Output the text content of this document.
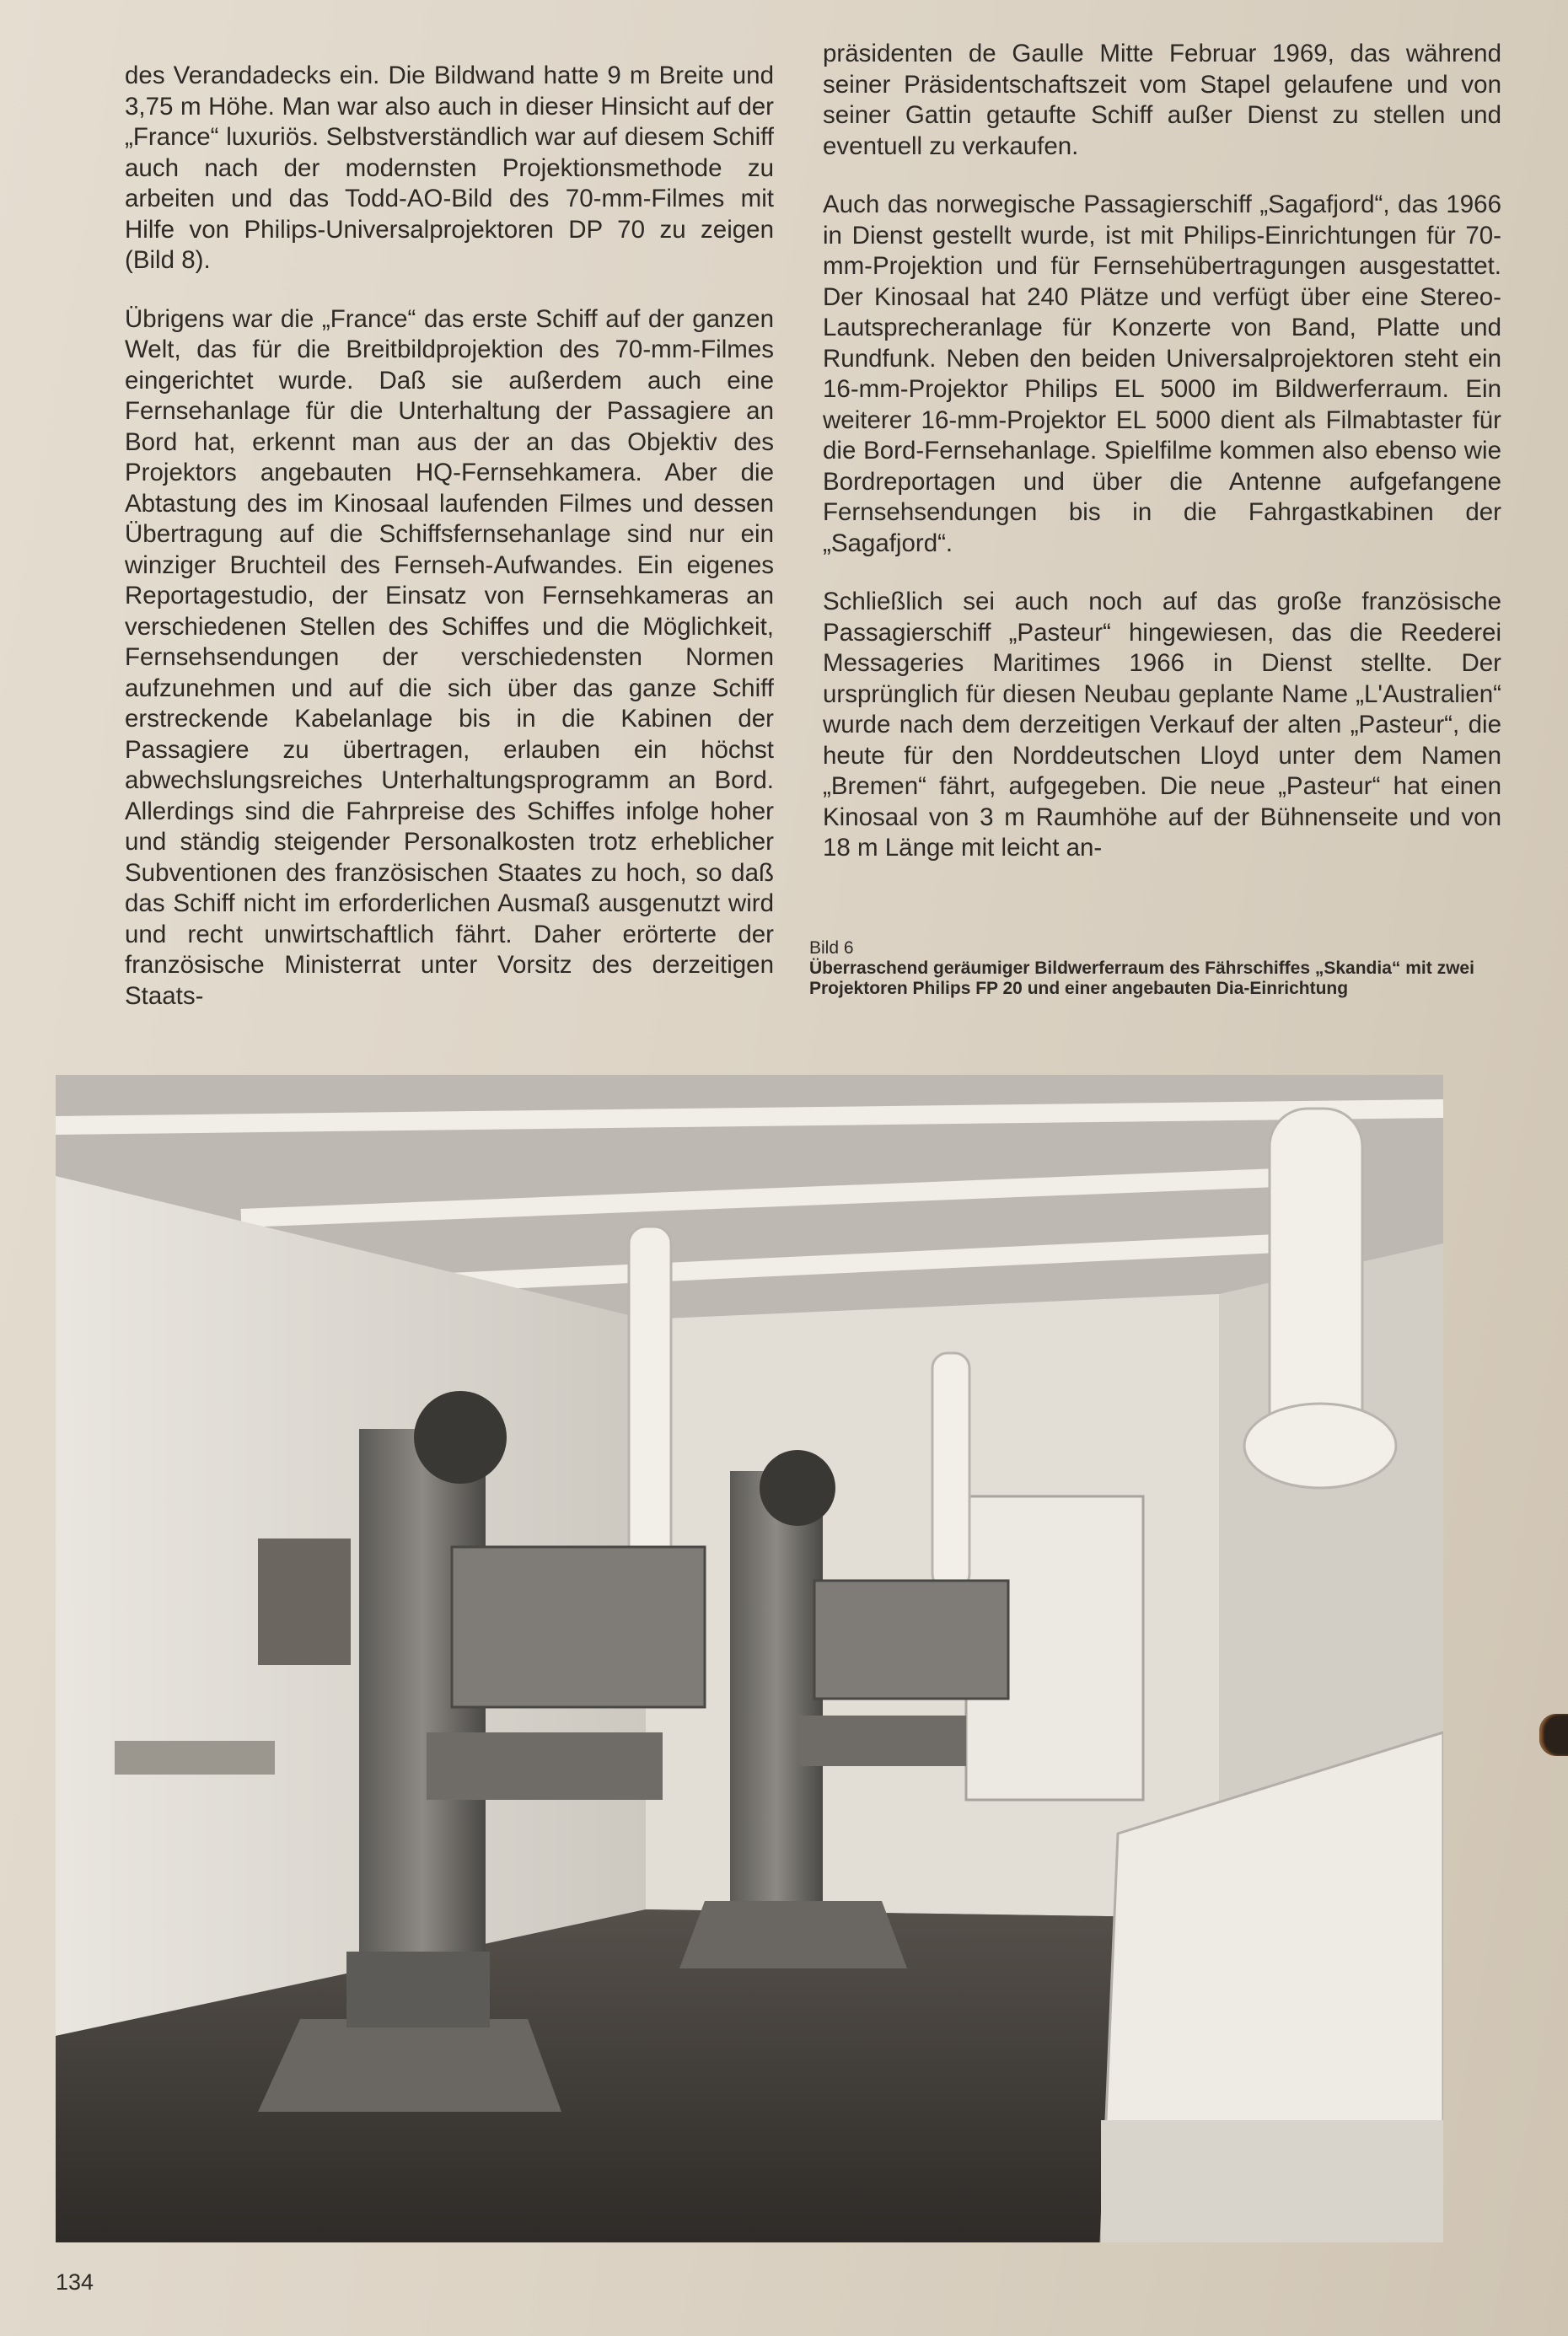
des Verandadecks ein. Die Bildwand hatte 9 m Breite und 3,75 m Höhe. Man war also auch in dieser Hinsicht auf der „France“ luxuriös. Selbstverständlich war auf diesem Schiff auch nach der modernsten Projektionsmethode zu arbeiten und das Todd-AO-Bild des 70-mm-Filmes mit Hilfe von Philips-Universalprojektoren DP 70 zu zeigen (Bild 8).

Übrigens war die „France“ das erste Schiff auf der ganzen Welt, das für die Breitbildprojektion des 70-mm-Filmes eingerichtet wurde. Daß sie außerdem auch eine Fernsehanlage für die Unterhaltung der Passagiere an Bord hat, erkennt man aus der an das Objektiv des Projektors angebauten HQ-Fernsehkamera. Aber die Abtastung des im Kinosaal laufenden Filmes und dessen Übertragung auf die Schiffsfernsehanlage sind nur ein winziger Bruchteil des Fernseh-Aufwandes. Ein eigenes Reportagestudio, der Einsatz von Fernsehkameras an verschiedenen Stellen des Schiffes und die Möglichkeit, Fernsehsendungen der verschiedensten Normen aufzunehmen und auf die sich über das ganze Schiff erstreckende Kabelanlage bis in die Kabinen der Passagiere zu übertragen, erlauben ein höchst abwechslungsreiches Unterhaltungsprogramm an Bord. Allerdings sind die Fahrpreise des Schiffes infolge hoher und ständig steigender Personalkosten trotz erheblicher Subventionen des französischen Staates zu hoch, so daß das Schiff nicht im erforderlichen Ausmaß ausgenutzt wird und recht unwirtschaftlich fährt. Daher erörterte der französische Ministerrat unter Vorsitz des derzeitigen Staats-

präsidenten de Gaulle Mitte Februar 1969, das während seiner Präsidentschaftszeit vom Stapel gelaufene und von seiner Gattin getaufte Schiff außer Dienst zu stellen und eventuell zu verkaufen.

Auch das norwegische Passagierschiff „Sagafjord“, das 1966 in Dienst gestellt wurde, ist mit Philips-Einrichtungen für 70-mm-Projektion und für Fernsehübertragungen ausgestattet. Der Kinosaal hat 240 Plätze und verfügt über eine Stereo-Lautsprecheranlage für Konzerte von Band, Platte und Rundfunk. Neben den beiden Universalprojektoren steht ein 16-mm-Projektor Philips EL 5000 im Bildwerferraum. Ein weiterer 16-mm-Projektor EL 5000 dient als Filmabtaster für die Bord-Fernsehanlage. Spielfilme kommen also ebenso wie Bordreportagen und über die Antenne aufgefangene Fernsehsendungen bis in die Fahrgastkabinen der „Sagafjord“.

Schließlich sei auch noch auf das große französische Passagierschiff „Pasteur“ hingewiesen, das die Reederei Messageries Maritimes 1966 in Dienst stellte. Der ursprünglich für diesen Neubau geplante Name „L'Australien“ wurde nach dem derzeitigen Verkauf der alten „Pasteur“, die heute für den Norddeutschen Lloyd unter dem Namen „Bremen“ fährt, aufgegeben. Die neue „Pasteur“ hat einen Kinosaal von 3 m Raumhöhe auf der Bühnenseite und von 18 m Länge mit leicht an-

Bild 6
Überraschend geräumiger Bildwerferraum des Fährschiffes „Skandia“ mit zwei Projektoren Philips FP 20 und einer angebauten Dia-Einrichtung
134
